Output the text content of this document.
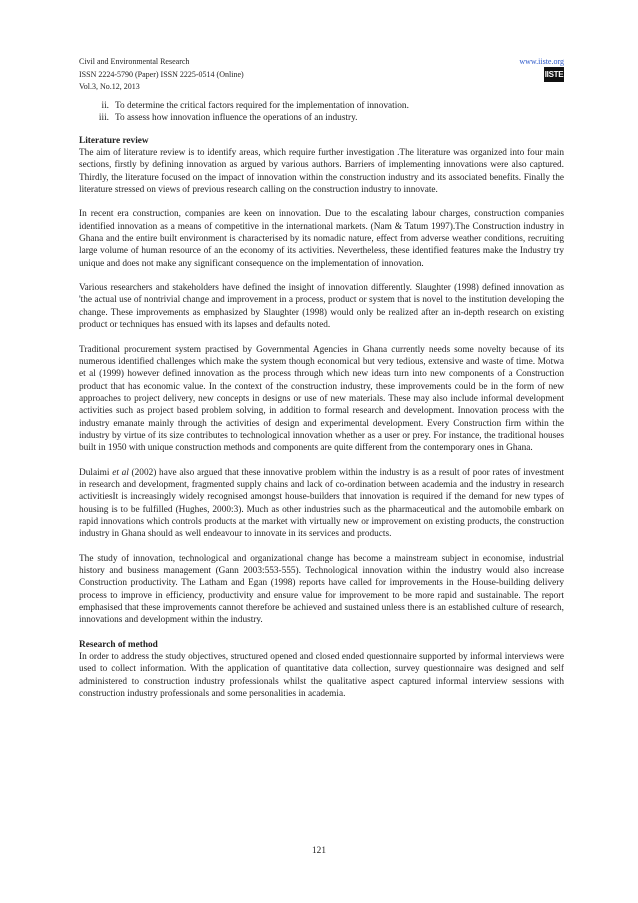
Civil and Environmental Research
ISSN 2224-5790 (Paper) ISSN 2225-0514 (Online)
Vol.3, No.12, 2013
www.iiste.org
IISTE
ii. To determine the critical factors required for the implementation of innovation.
iii. To assess how innovation influence the operations of an industry.
Literature review

The aim of literature review is to identify areas, which require further investigation .The literature was organized into four main sections, firstly by defining innovation as argued by various authors. Barriers of implementing innovations were also captured. Thirdly, the literature focused on the impact of innovation within the construction industry and its associated benefits. Finally the literature stressed on views of previous research calling on the construction industry to innovate.

In recent era construction, companies are keen on innovation. Due to the escalating labour charges, construction companies identified innovation as a means of competitive in the international markets. (Nam & Tatum 1997).The Construction industry in Ghana and the entire built environment is characterised by its nomadic nature, effect from adverse weather conditions, recruiting large volume of human resource of an the economy of its activities. Nevertheless, these identified features make the Industry try unique and does not make any significant consequence on the implementation of innovation.

Various researchers and stakeholders have defined the insight of innovation differently. Slaughter (1998) defined innovation as 'the actual use of nontrivial change and improvement in a process, product or system that is novel to the institution developing the change. These improvements as emphasized by Slaughter (1998) would only be realized after an in-depth research on existing product or techniques has ensued with its lapses and defaults noted.

Traditional procurement system practised by Governmental Agencies in Ghana currently needs some novelty because of its numerous identified challenges which make the system though economical but very tedious, extensive and waste of time. Motwa et al (1999) however defined innovation as the process through which new ideas turn into new components of a Construction product that has economic value. In the context of the construction industry, these improvements could be in the form of new approaches to project delivery, new concepts in designs or use of new materials. These may also include informal development activities such as project based problem solving, in addition to formal research and development. Innovation process with the industry emanate mainly through the activities of design and experimental development. Every Construction firm within the industry by virtue of its size contributes to technological innovation whether as a user or prey. For instance, the traditional houses built in 1950 with unique construction methods and components are quite different from the contemporary ones in Ghana.

Dulaimi et al (2002) have also argued that these innovative problem within the industry is as a result of poor rates of investment in research and development, fragmented supply chains and lack of co-ordination between academia and the industry in research activitiesIt is increasingly widely recognised amongst house-builders that innovation is required if the demand for new types of housing is to be fulfilled (Hughes, 2000:3). Much as other industries such as the pharmaceutical and the automobile embark on rapid innovations which controls products at the market with virtually new or improvement on existing products, the construction industry in Ghana should as well endeavour to innovate in its services and products.

The study of innovation, technological and organizational change has become a mainstream subject in economise, industrial history and business management (Gann 2003:553-555). Technological innovation within the industry would also increase Construction productivity. The Latham and Egan (1998) reports have called for improvements in the House-building delivery process to improve in efficiency, productivity and ensure value for improvement to be more rapid and sustainable. The report emphasised that these improvements cannot therefore be achieved and sustained unless there is an established culture of research, innovations and development within the industry.

Research of method

In order to address the study objectives, structured opened and closed ended questionnaire supported by informal interviews were used to collect information. With the application of quantitative data collection, survey questionnaire was designed and self administered to construction industry professionals whilst the qualitative aspect captured informal interview sessions with construction industry professionals and some personalities in academia.

121
